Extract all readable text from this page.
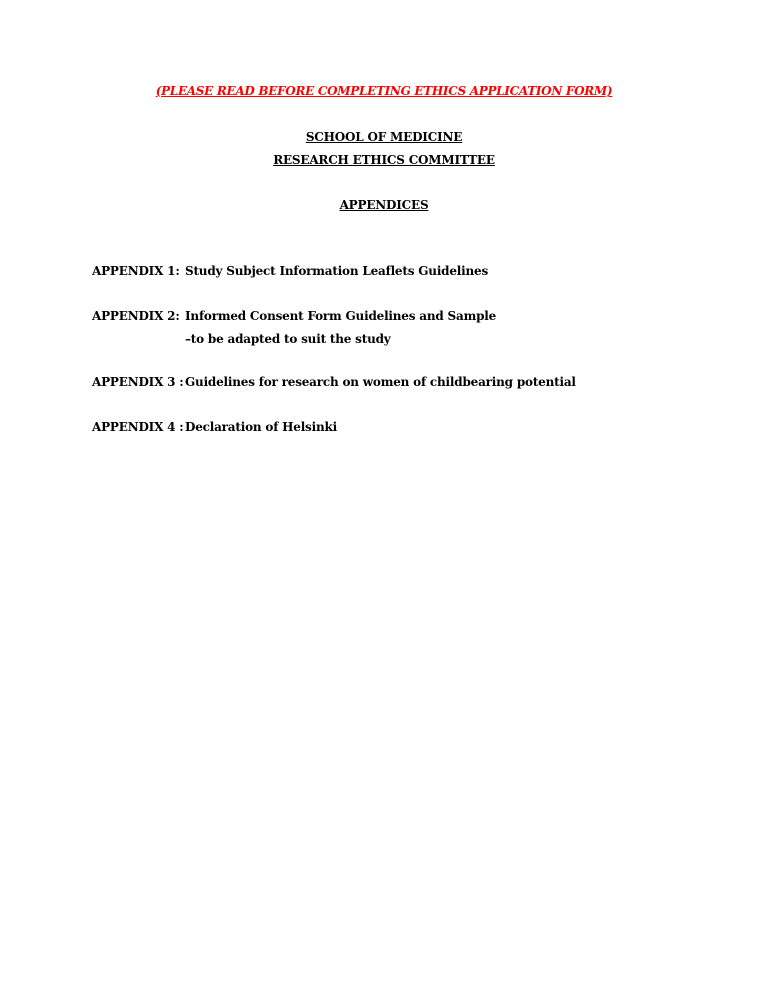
(PLEASE READ BEFORE COMPLETING ETHICS APPLICATION FORM)
SCHOOL OF MEDICINE
RESEARCH ETHICS COMMITTEE
APPENDICES
APPENDIX 1: Study Subject Information Leaflets Guidelines
APPENDIX 2: Informed Consent Form Guidelines and Sample
–to be adapted to suit the study
APPENDIX 3 : Guidelines for research on women of childbearing potential
APPENDIX 4 : Declaration of Helsinki
